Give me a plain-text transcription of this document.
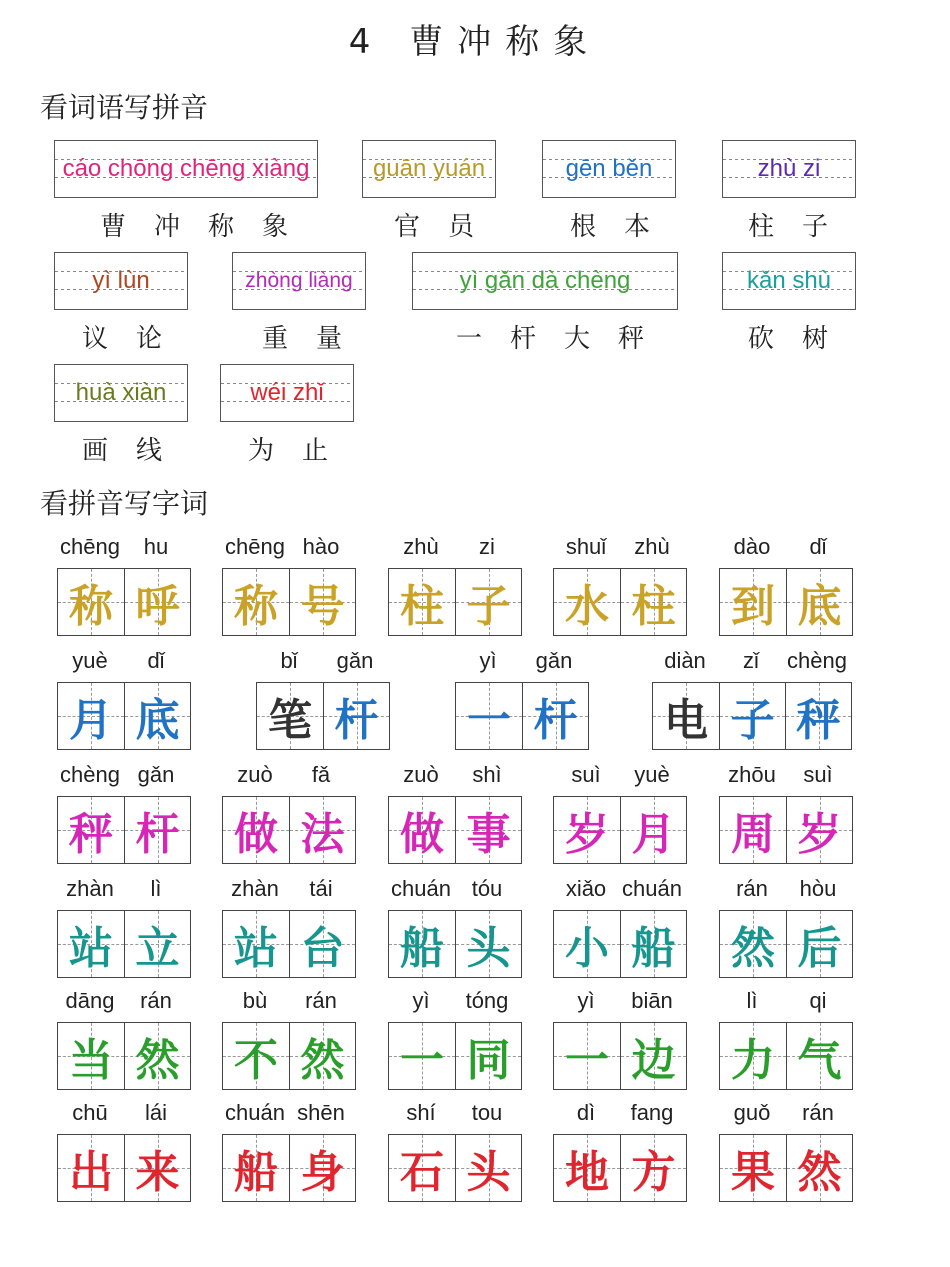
4 曹冲称象
看词语写拼音
cáo chōng chēng xiàng
曹冲称象
guān yuán
官员
gēn běn
根本
zhù zi
柱子
yì lùn
议论
zhòng liàng
重量
yì gǎn dà chèng
一杆大秤
kǎn shù
砍树
huà xiàn
画线
wéi zhǐ
为止
看拼音写字词
chēng	hu
称 呼
chēng hào
称 号
zhù	zi
柱 子
shuǐ	zhù
水 柱
dào	dǐ
到 底
yuè	dǐ
月 底
bǐ	gǎn
笔 杆
yì	gǎn
一 杆
diàn	zǐ	chèng
电 子 秤
chèng gǎn
秤 杆
zuò	fǎ
做 法
zuò	shì
做 事
suì	yuè
岁 月
zhōu	suì
周 岁
zhàn	lì
站 立
zhàn	tái
站 台
chuán tóu
船 头
xiǎo chuán
小 船
rán	hòu
然 后
dāng	rán
当 然
bù	rán
不 然
yì	tóng
一 同
yì	biān
一 边
lì	qi
力 气
chū	lái
出 来
chuán shēn
船 身
shí	tou
石 头
dì	fang
地 方
guǒ	rán
果 然
